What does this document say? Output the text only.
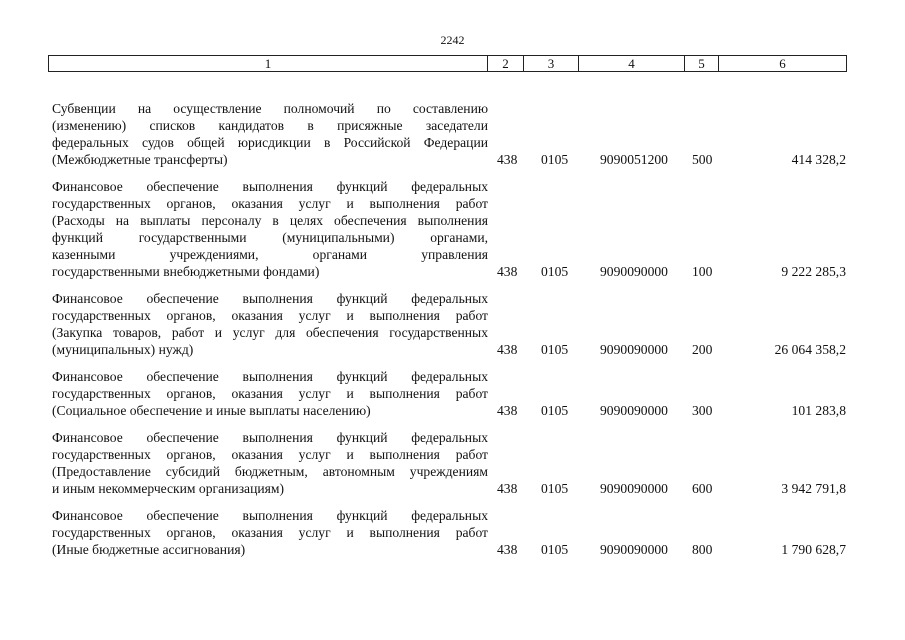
2242
1	2	3	4	5	6
Субвенции на осуществление полномочий по составлению
(изменению) списков кандидатов в присяжные заседатели
федеральных судов общей юрисдикции в Российской Федерации
(Межбюджетные трансферты)	438	0105	9090051200	500	414 328,2
Финансовое обеспечение выполнения функций федеральных
государственных органов, оказания услуг и выполнения работ
(Расходы на выплаты персоналу в целях обеспечения выполнения
функций государственными (муниципальными) органами,
казенными учреждениями, органами управления
государственными внебюджетными фондами)	438	0105	9090090000	100	9 222 285,3
Финансовое обеспечение выполнения функций федеральных
государственных органов, оказания услуг и выполнения работ
(Закупка товаров, работ и услуг для обеспечения государственных
(муниципальных) нужд)	438	0105	9090090000	200	26 064 358,2
Финансовое обеспечение выполнения функций федеральных
государственных органов, оказания услуг и выполнения работ
(Социальное обеспечение и иные выплаты населению)	438	0105	9090090000	300	101 283,8
Финансовое обеспечение выполнения функций федеральных
государственных органов, оказания услуг и выполнения работ
(Предоставление субсидий бюджетным, автономным учреждениям
и иным некоммерческим организациям)	438	0105	9090090000	600	3 942 791,8
Финансовое обеспечение выполнения функций федеральных
государственных органов, оказания услуг и выполнения работ
(Иные бюджетные ассигнования)	438	0105	9090090000	800	1 790 628,7
